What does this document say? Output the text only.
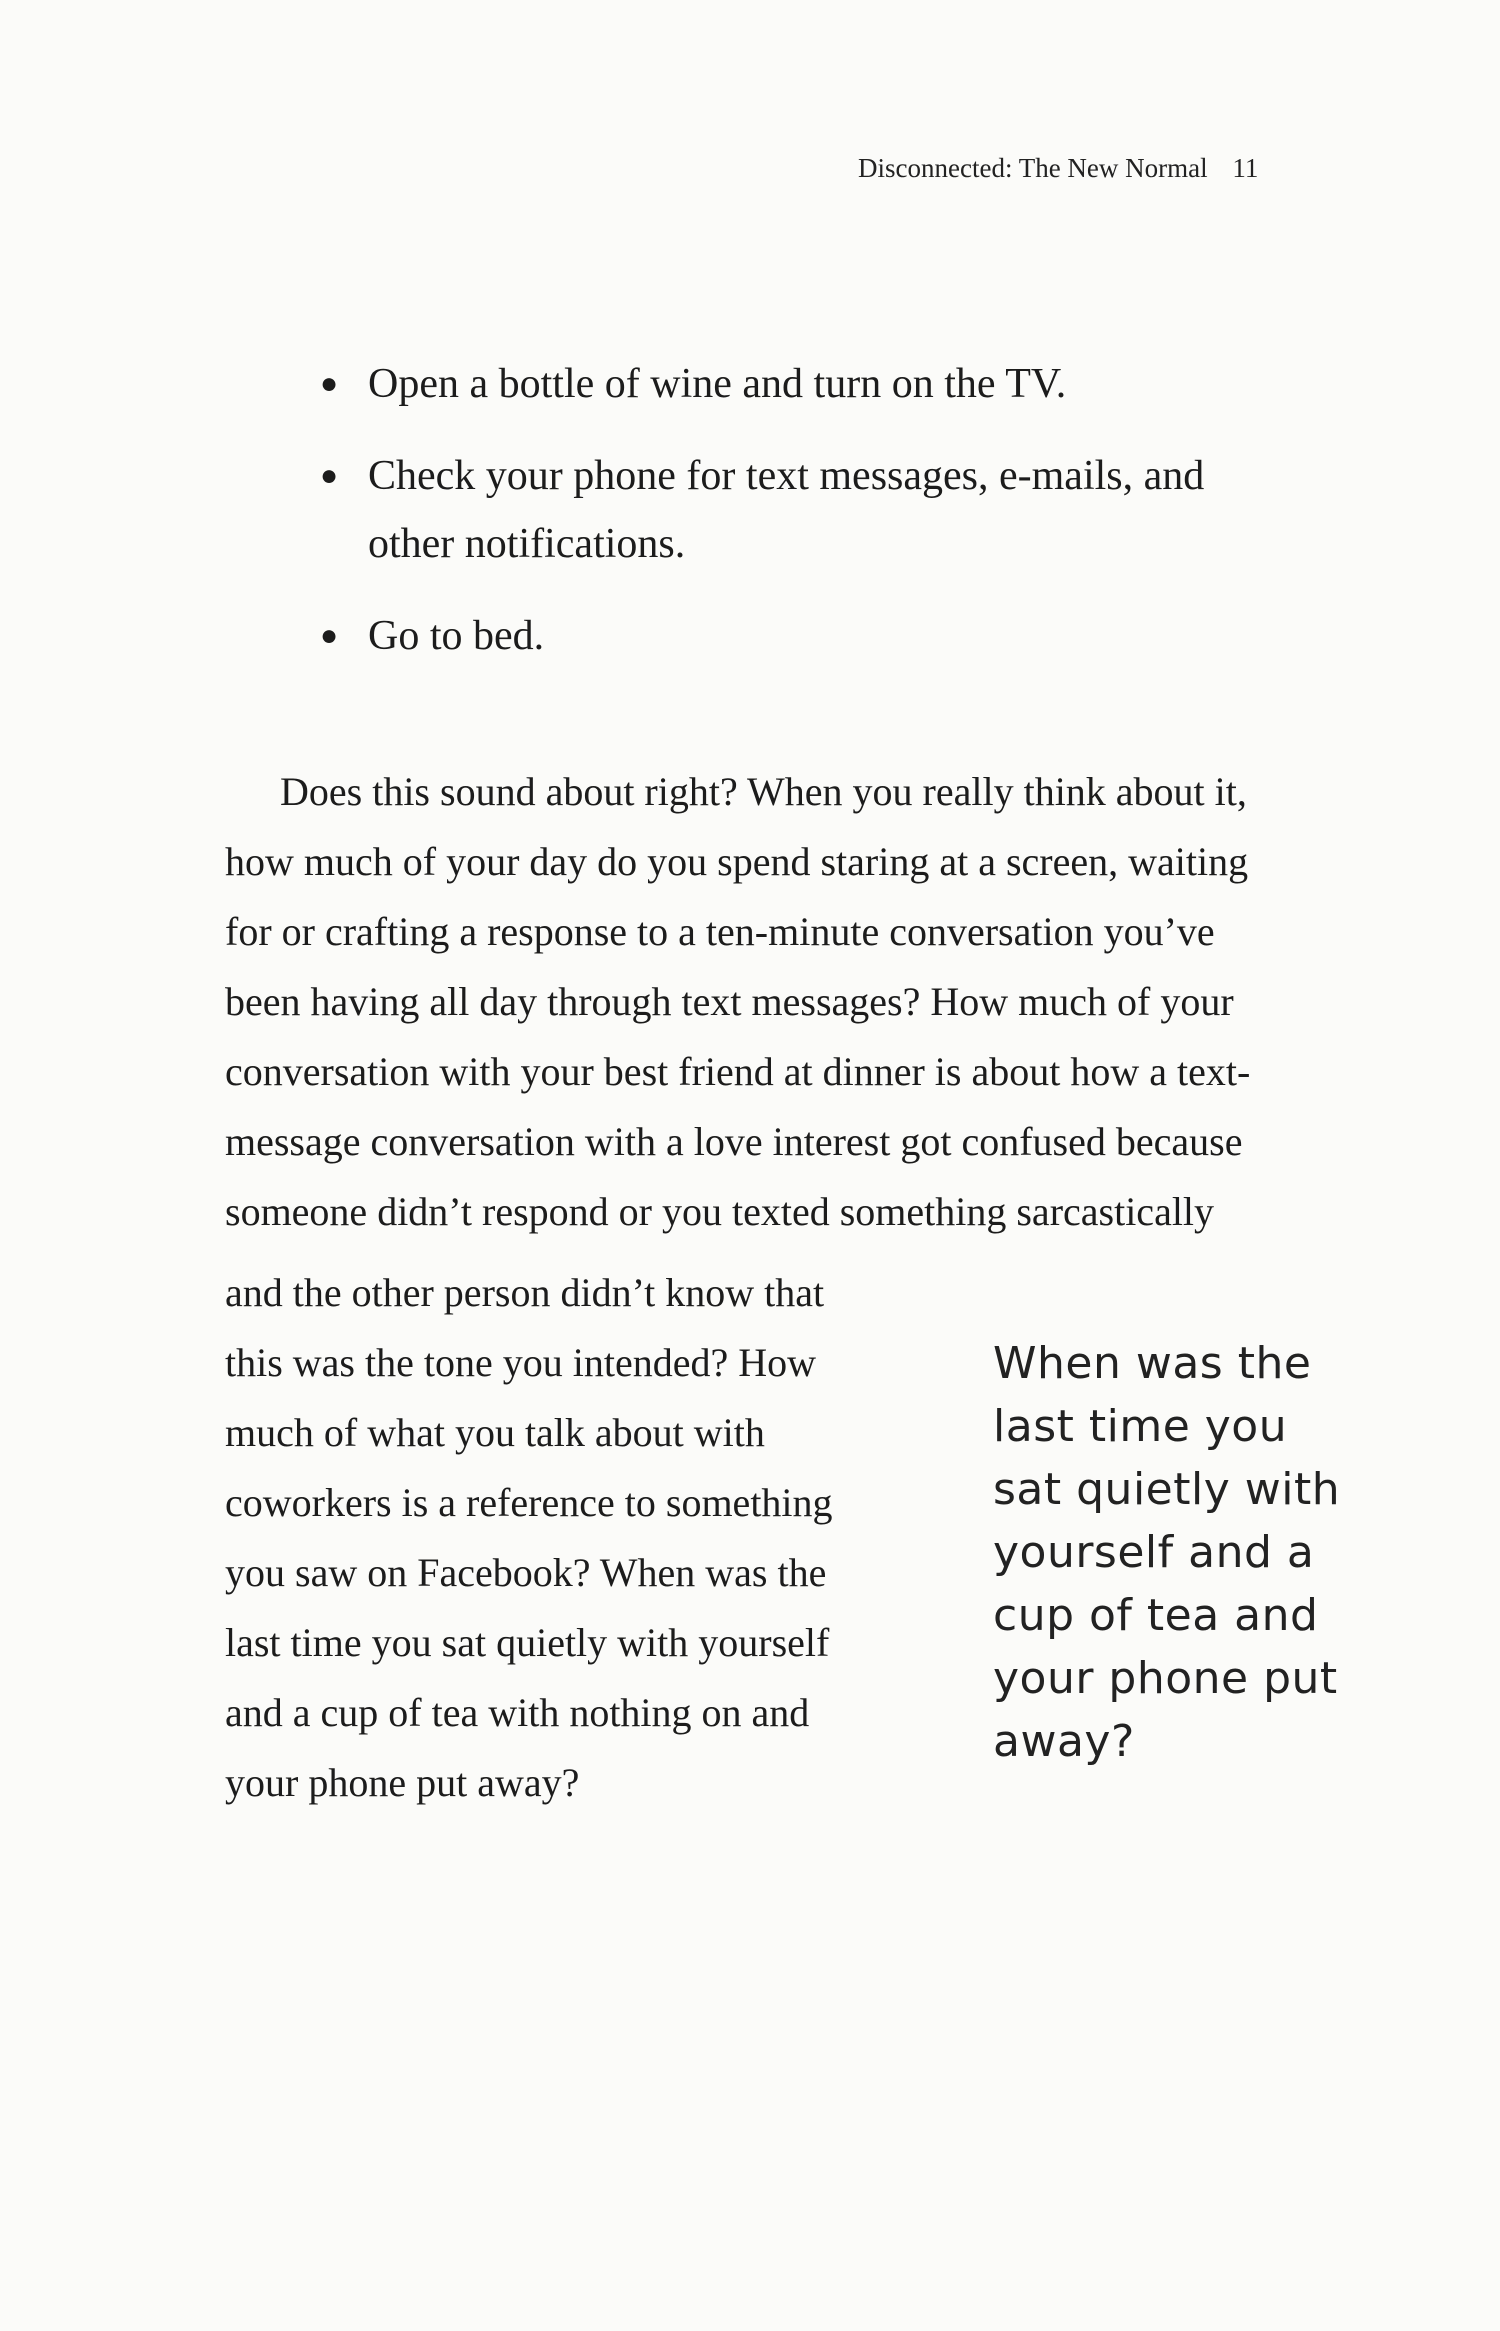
Disconnected: The New Normal 11
● Open a bottle of wine and turn on the TV.
● Check your phone for text messages, e-mails, and other notifications.
● Go to bed.
Does this sound about right? When you really think about it,
how much of your day do you spend staring at a screen, waiting
for or crafting a response to a ten-minute conversation you’ve
been having all day through text messages? How much of your
conversation with your best friend at dinner is about how a text-
message conversation with a love interest got confused because
someone didn’t respond or you texted something sarcastically
and the other person didn’t know that
this was the tone you intended? How
much of what you talk about with
coworkers is a reference to something
you saw on Facebook? When was the
last time you sat quietly with yourself
and a cup of tea with nothing on and
your phone put away?
When was the
last time you
sat quietly with
yourself and a
cup of tea and
your phone put
away?
